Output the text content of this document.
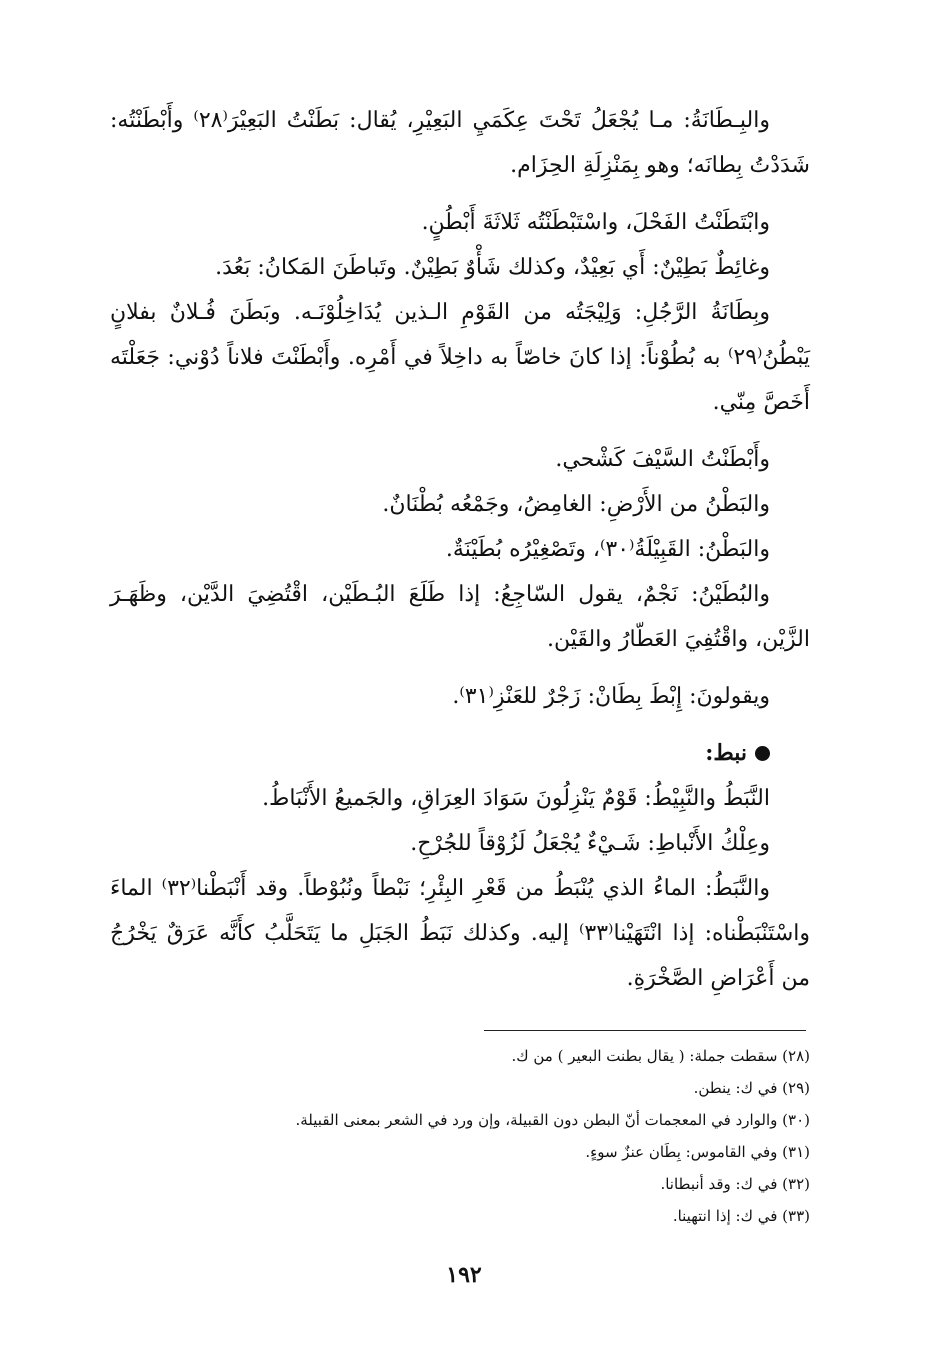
والبِـطَانَةُ: مـا يُجْعَلُ تَحْتَ عِكَمَيِ البَعِيْرِ، يُقال: بَطَنْتُ البَعِيْرَ⁽٢٨⁾ وأَبْطَنْتُه: شَدَدْتُ بِطانَه؛ وهو بِمَنْزِلَةِ الحِزَام.

وابْتَطَنْتُ الفَحْلَ، واسْتَبْطَنْتُه ثَلاثَةَ أَبْطُنٍ.

وغائِطٌ بَطِيْنٌ: أَي بَعِيْدٌ، وكذلك شَأْوٌ بَطِيْنٌ. وتَباطَنَ المَكانُ: بَعُدَ.

وبِطَانَةُ الرَّجُلِ: وَلِيْجَتُه من القَوْمِ الـذين يُدَاخِلُوْنَـه. وبَطَنَ فُـلانٌ بفلانٍ يَبْطُنُ⁽٢٩⁾ به بُطُوْناً: إذا كانَ خاصّاً به داخِلاً في أَمْرِه. وأَبْطَنْتَ فلاناً دُوْني: جَعَلْتَه أَخَصَّ مِنّي.

وأَبْطَنْتُ السَّيْفَ كَشْحي.

والبَطْنُ من الأَرْضِ: الغامِضُ، وجَمْعُه بُطْنَانٌ.

والبَطْنُ: القَبِيْلَةُ⁽٣٠⁾، وتَصْغِيْرُه بُطَيْنَةٌ.

والبُطَيْنُ: نَجْمٌ، يقول السّاجِعُ: إذا طَلَعَ البُـطَيْن، اقْتُضِيَ الدَّيْن، وظَهَـرَ الزَّيْن، واقْتُفِيَ العَطّارُ والقَيْن.

ويقولونَ: إِبْطَ بِطَانْ: زَجْرٌ للعَنْزِ⁽٣١⁾.

نبط:

النَّبَطُ والنَّبِيْطُ: قَوْمٌ يَنْزِلُونَ سَوَادَ العِرَاقِ، والجَميعُ الأَنْبَاطُ.

وعِلْكُ الأَنْباطِ: شَـيْءٌ يُجْعَلُ لَزُوْقاً للجُرْحِ.

والنَّبَطُ: الماءُ الذي يُنْبَطُ من قَعْرِ البِئْرِ؛ نَبْطاً ونُبُوْطاً. وقد أَنْبَطْنا⁽٣٢⁾ الماءَ واسْتَنْبَطْناه: إذا انْتَهَيْنا⁽٣٣⁾ إليه. وكذلك نَبَطُ الجَبَلِ ما يَتَحَلَّبُ كأَنَّه عَرَقٌ يَخْرُجُ من أَعْرَاضِ الصَّخْرَةِ.

(٢٨) سقطت جملة: ( يقال بطنت البعير ) من ك.

(٢٩) في ك: ينطن.

(٣٠) والوارد في المعجمات أنّ البطن دون القبيلة، وإن ورد في الشعر بمعنى القبيلة.

(٣١) وفي القاموس: بِطَان عنزٌ سوءٍ.

(٣٢) في ك: وقد أنبطانا.

(٣٣) في ك: إذا انتهينا.

١٩٢
